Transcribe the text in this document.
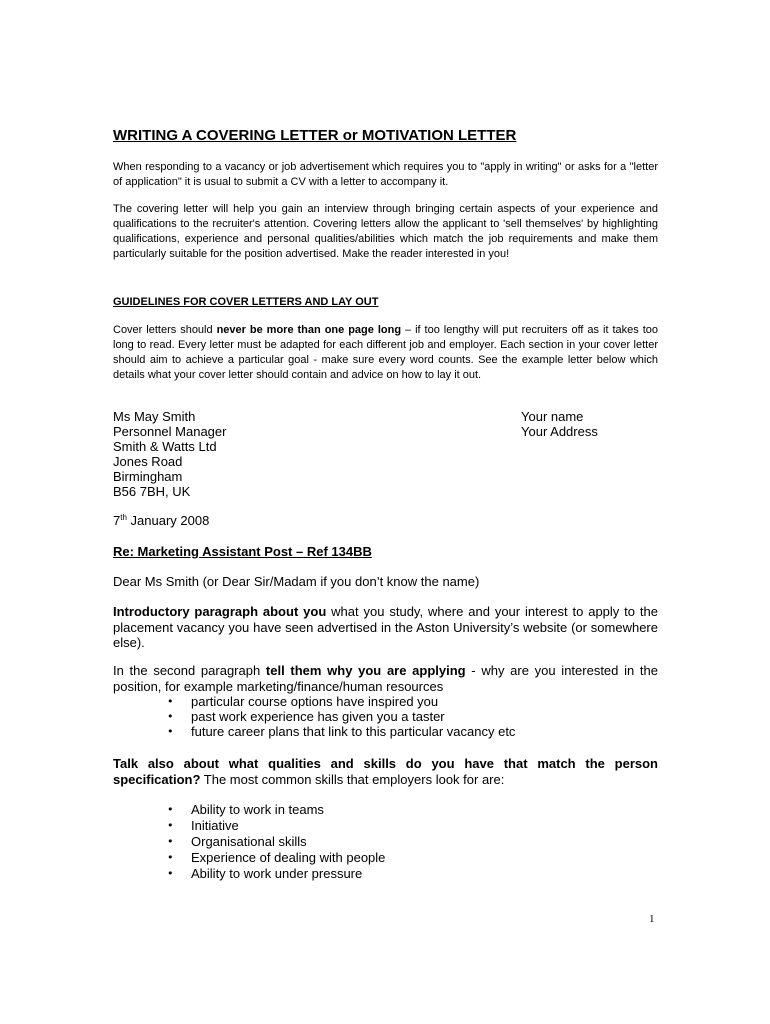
WRITING A COVERING LETTER or MOTIVATION LETTER

When responding to a vacancy or job advertisement which requires you to "apply in writing" or asks for a "letter of application" it is usual to submit a CV with a letter to accompany it.

The covering letter will help you gain an interview through bringing certain aspects of your experience and qualifications to the recruiter's attention. Covering letters allow the applicant to 'sell themselves' by highlighting qualifications, experience and personal qualities/abilities which match the job requirements and make them particularly suitable for the position advertised. Make the reader interested in you!

GUIDELINES FOR COVER LETTERS AND LAY OUT

Cover letters should never be more than one page long – if too lengthy will put recruiters off as it takes too long to read. Every letter must be adapted for each different job and employer. Each section in your cover letter should aim to achieve a particular goal - make sure every word counts. See the example letter below which details what your cover letter should contain and advice on how to lay it out.

Ms May Smith
Personnel Manager
Smith & Watts Ltd
Jones Road
Birmingham
B56 7BH, UK
Your name
Your Address
7th January 2008
Re: Marketing Assistant Post – Ref 134BB
Dear Ms Smith (or Dear Sir/Madam if you don’t know the name)

Introductory paragraph about you what you study, where and your interest to apply to the placement vacancy you have seen advertised in the Aston University’s website (or somewhere else).

In the second paragraph tell them why you are applying - why are you interested in the position, for example marketing/finance/human resources

• particular course options have inspired you
• past work experience has given you a taster
• future career plans that link to this particular vacancy etc

Talk also about what qualities and skills do you have that match the person specification? The most common skills that employers look for are:

• Ability to work in teams
• Initiative
• Organisational skills
• Experience of dealing with people
• Ability to work under pressure
1
